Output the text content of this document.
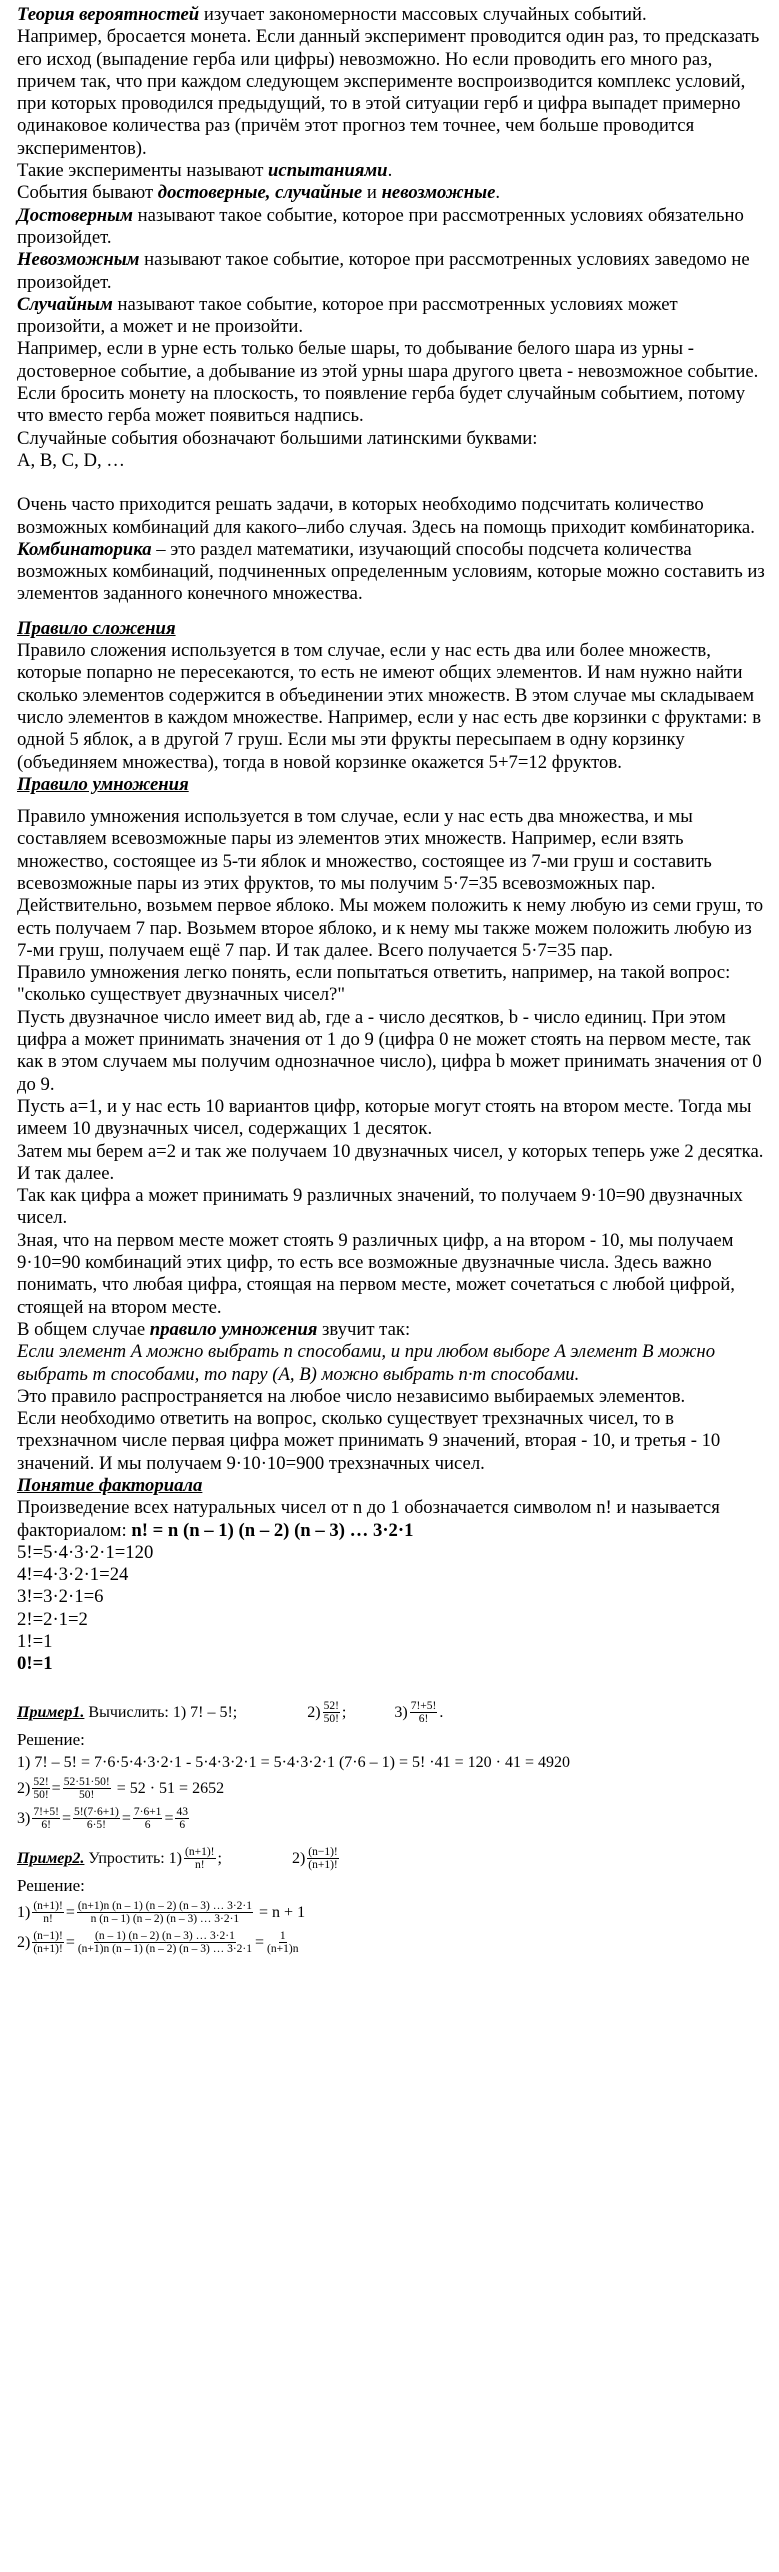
Теория вероятностей изучает закономерности массовых случайных событий.

Например, бросается монета. Если данный эксперимент проводится один раз, то предсказать его исход (выпадение герба или цифры) невозможно. Но если проводить его много раз, причем так, что при каждом следующем эксперименте воспроизводится комплекс условий, при которых проводился предыдущий, то в этой ситуации герб и цифра выпадет примерно одинаковое количества раз (причём этот прогноз тем точнее, чем больше проводится экспериментов).

Такие эксперименты называют испытаниями.

События бывают достоверные, случайные и невозможные.

Достоверным называют такое событие, которое при рассмотренных условиях обязательно произойдет.

Невозможным называют такое событие, которое при рассмотренных условиях заведомо не произойдет.

Случайным называют такое событие, которое при рассмотренных условиях может произойти, а может и не произойти.

Например, если в урне есть только белые шары, то добывание белого шара из урны - достоверное событие, а добывание из этой урны шара другого цвета - невозможное событие.

Если бросить монету на плоскость, то появление герба будет случайным событием, потому что вместо герба может появиться надпись.

Случайные события обозначают большими латинскими буквами:

A, B, C, D, …

Очень часто приходится решать задачи, в которых необходимо подсчитать количество возможных комбинаций для какого–либо случая. Здесь на помощь приходит комбинаторика.

Комбинаторика – это раздел математики, изучающий способы подсчета количества возможных комбинаций, подчиненных определенным условиям, которые можно составить из элементов заданного конечного множества.

Правило сложения

Правило сложения используется в том случае, если у нас есть два или более множеств, которые попарно не пересекаются, то есть не имеют общих элементов. И нам нужно найти сколько элементов содержится в объединении этих множеств. В этом случае мы складываем число элементов в каждом множестве. Например, если у нас есть две корзинки с фруктами: в одной 5 яблок, а в другой 7 груш. Если мы эти фрукты пересыпаем в одну корзинку (объединяем множества), тогда в новой корзинке окажется 5+7=12 фруктов.

Правило умножения

Правило умножения используется в том случае, если у нас есть два множества, и мы составляем всевозможные пары из элементов этих множеств. Например, если взять множество, состоящее из 5-ти яблок и множество, состоящее из 7-ми груш и составить всевозможные пары из этих фруктов, то мы получим 5·7=35 всевозможных пар.

Действительно, возьмем первое яблоко. Мы можем положить к нему любую из семи груш, то есть получаем 7 пар. Возьмем второе яблоко, и к нему мы также можем положить любую из 7-ми груш, получаем ещё 7 пар. И так далее. Всего получается 5·7=35 пар.

Правило умножения легко понять, если попытаться ответить, например, на такой вопрос: "сколько существует двузначных чисел?"

Пусть двузначное число имеет вид ab, где a - число десятков, b - число единиц. При этом цифра a может принимать значения от 1 до 9 (цифра 0 не может стоять на первом месте, так как в этом случаем мы получим однозначное число), цифра b может принимать значения от 0 до 9.

Пусть a=1, и у нас есть 10 вариантов цифр, которые могут стоять на втором месте. Тогда мы имеем 10 двузначных чисел, содержащих 1 десяток.

Затем мы берем a=2 и так же получаем 10 двузначных чисел, у которых теперь уже 2 десятка. И так далее.

Так как цифра a может принимать 9 различных значений, то получаем 9·10=90 двузначных чисел.

Зная, что на первом месте может стоять 9 различных цифр, а на втором - 10, мы получаем 9·10=90 комбинаций этих цифр, то есть все возможные двузначные числа. Здесь важно понимать, что любая цифра, стоящая на первом месте, может сочетаться с любой цифрой, стоящей на втором месте.

В общем случае правило умножения звучит так:

Если элемент A можно выбрать n способами, и при любом выборе A элемент B можно выбрать m способами, то пару (A, B) можно выбрать n·m способами.

Это правило распространяется на любое число независимо выбираемых элементов.

Если необходимо ответить на вопрос, сколько существует трехзначных чисел, то в трехзначном числе первая цифра может принимать 9 значений, вторая - 10, и третья - 10 значений. И мы получаем 9·10·10=900 трехзначных чисел.

Понятие факториала

Произведение всех натуральных чисел от n до 1 обозначается символом n! и называется факториалом: n! = n (n – 1) (n – 2) (n – 3) … 3·2·1

5!=5·4·3·2·1=120

4!=4·3·2·1=24

3!=3·2·1=6

2!=2·1=2

1!=1

0!=1

Пример1. Вычислить: 1) 7! – 5!;	$2) \frac{52!}{50!}$ ;	$3) \frac{7!+5!}{6!}$ .

Решение:

1) 7! – 5! = 7·6·5·4·3·2·1 - 5·4·3·2·1 = 5·4·3·2·1 (7·6 – 1) = 5! ·41 = 120 · 41 = 4920

$2) \frac{52!}{50!} = \frac{52\cdot 51\cdot 50!}{50!} = 52 \cdot 51 = 2652$
$3) \frac{7!+5!}{6!} = \frac{5!(7\cdot 6+1)}{6\cdot 5!} = \frac{7\cdot 6+1}{6} = \frac{43}{6}$
Пример2. Упростить: $1) \frac{(n+1)!}{n!}$ ;	$2) \frac{(n-1)!}{(n+1)!}$

Решение:

$1) \frac{(n+1)!}{n!} = \frac{(n+1)n (n - 1) (n - 2) (n - 3) \dots 3\cdot 2\cdot 1}{n (n - 1) (n - 2) (n - 3) \dots 3\cdot 2\cdot 1} = n + 1$
$2) \frac{(n-1)!}{(n+1)!} = \frac{(n - 1) (n - 2) (n - 3) \dots 3\cdot 2\cdot 1}{(n+1)n (n - 1) (n - 2) (n - 3) \dots 3\cdot 2\cdot 1} = \frac{1}{(n+1)n}$
